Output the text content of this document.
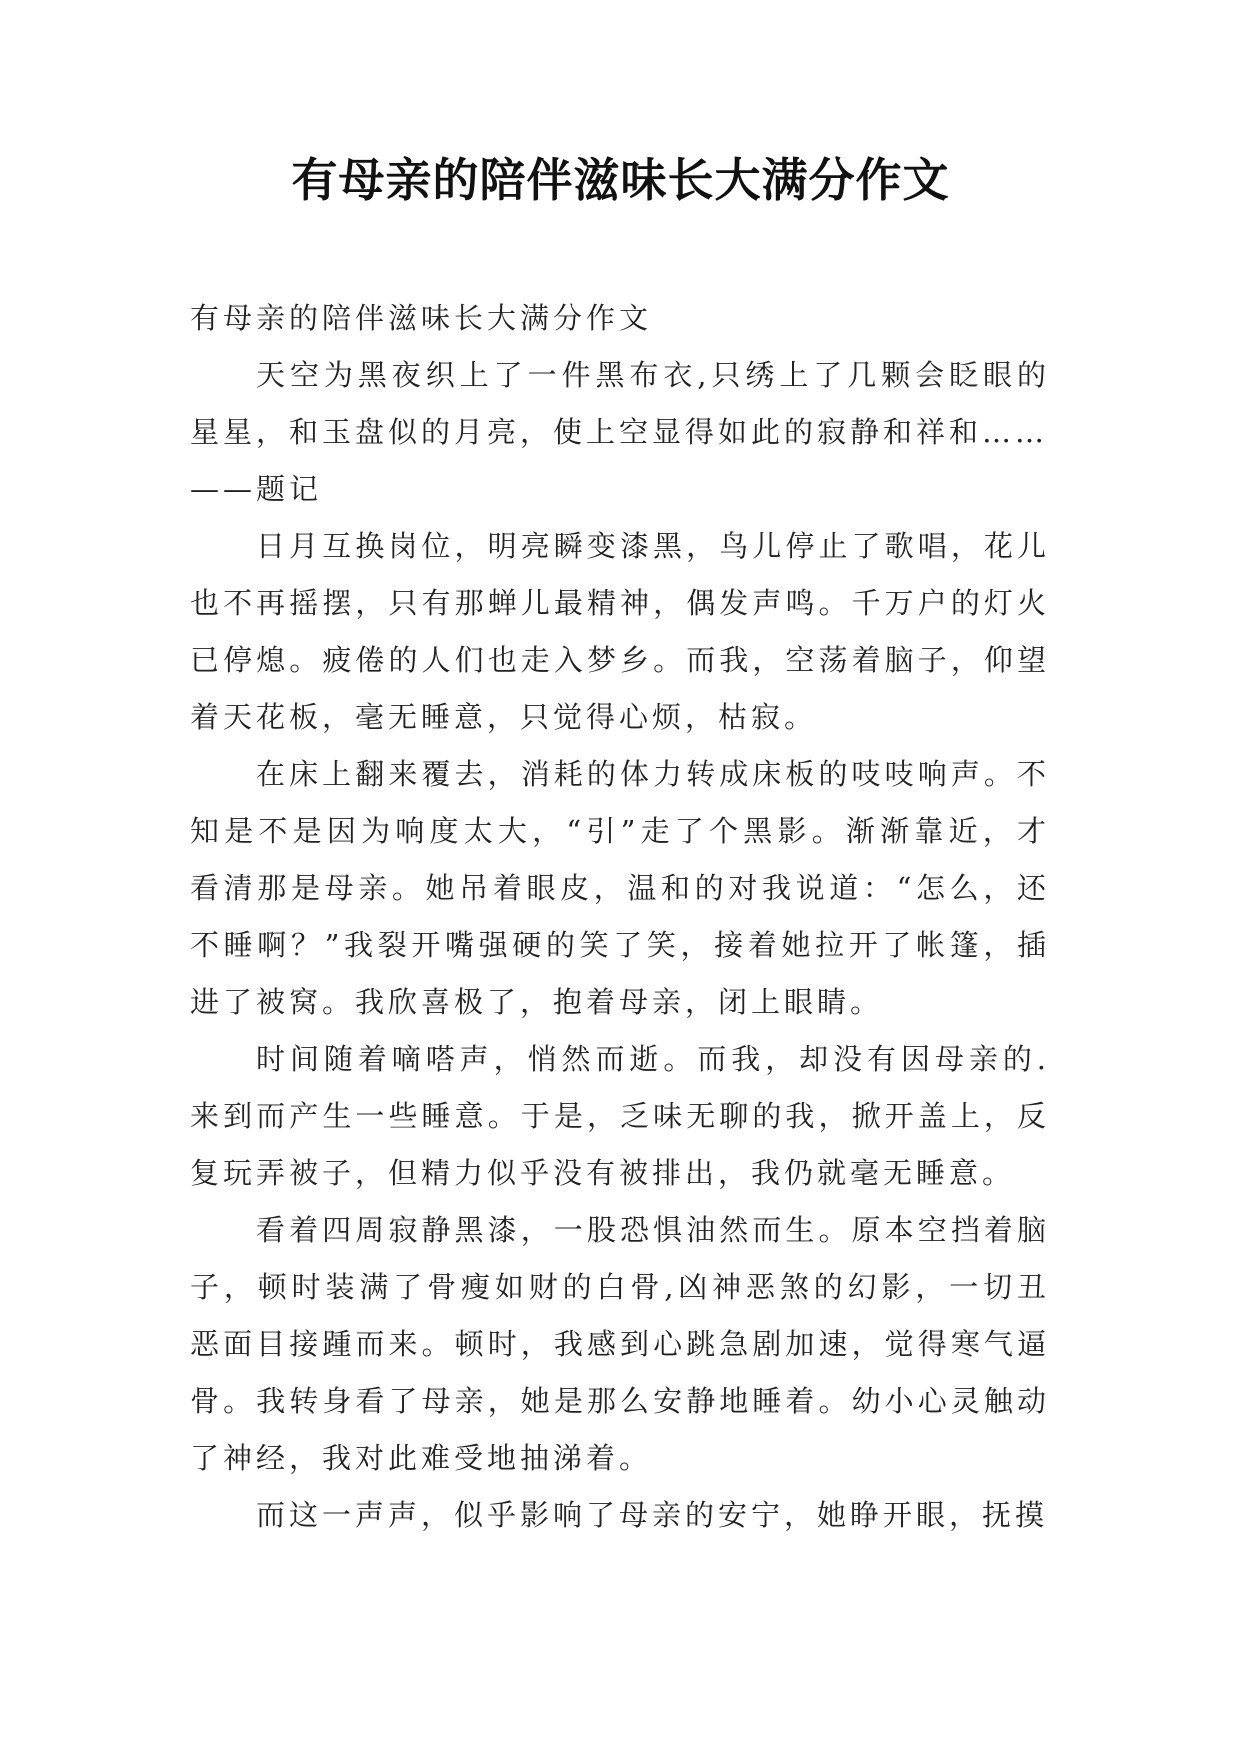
有母亲的陪伴滋味长大满分作文

有母亲的陪伴滋味长大满分作文

天空为黑夜织上了一件黑布衣,只绣上了几颗会眨眼的星星，和玉盘似的月亮，使上空显得如此的寂静和祥和……

——题记

日月互换岗位，明亮瞬变漆黑，鸟儿停止了歌唱，花儿也不再摇摆，只有那蝉儿最精神，偶发声鸣。千万户的灯火已停熄。疲倦的人们也走入梦乡。而我，空荡着脑子，仰望着天花板，毫无睡意，只觉得心烦，枯寂。

在床上翻来覆去，消耗的体力转成床板的吱吱响声。不知是不是因为响度太大，“引”走了个黑影。渐渐靠近，才看清那是母亲。她吊着眼皮，温和的对我说道：“怎么，还不睡啊？”我裂开嘴强硬的笑了笑，接着她拉开了帐篷，插进了被窝。我欣喜极了，抱着母亲，闭上眼睛。

时间随着嘀嗒声，悄然而逝。而我，却没有因母亲的.来到而产生一些睡意。于是，乏味无聊的我，掀开盖上，反复玩弄被子，但精力似乎没有被排出，我仍就毫无睡意。

看着四周寂静黑漆，一股恐惧油然而生。原本空挡着脑子，顿时装满了骨瘦如财的白骨,凶神恶煞的幻影，一切丑恶面目接踵而来。顿时，我感到心跳急剧加速，觉得寒气逼骨。我转身看了母亲，她是那么安静地睡着。幼小心灵触动了神经，我对此难受地抽涕着。

而这一声声，似乎影响了母亲的安宁，她睁开眼，抚摸
